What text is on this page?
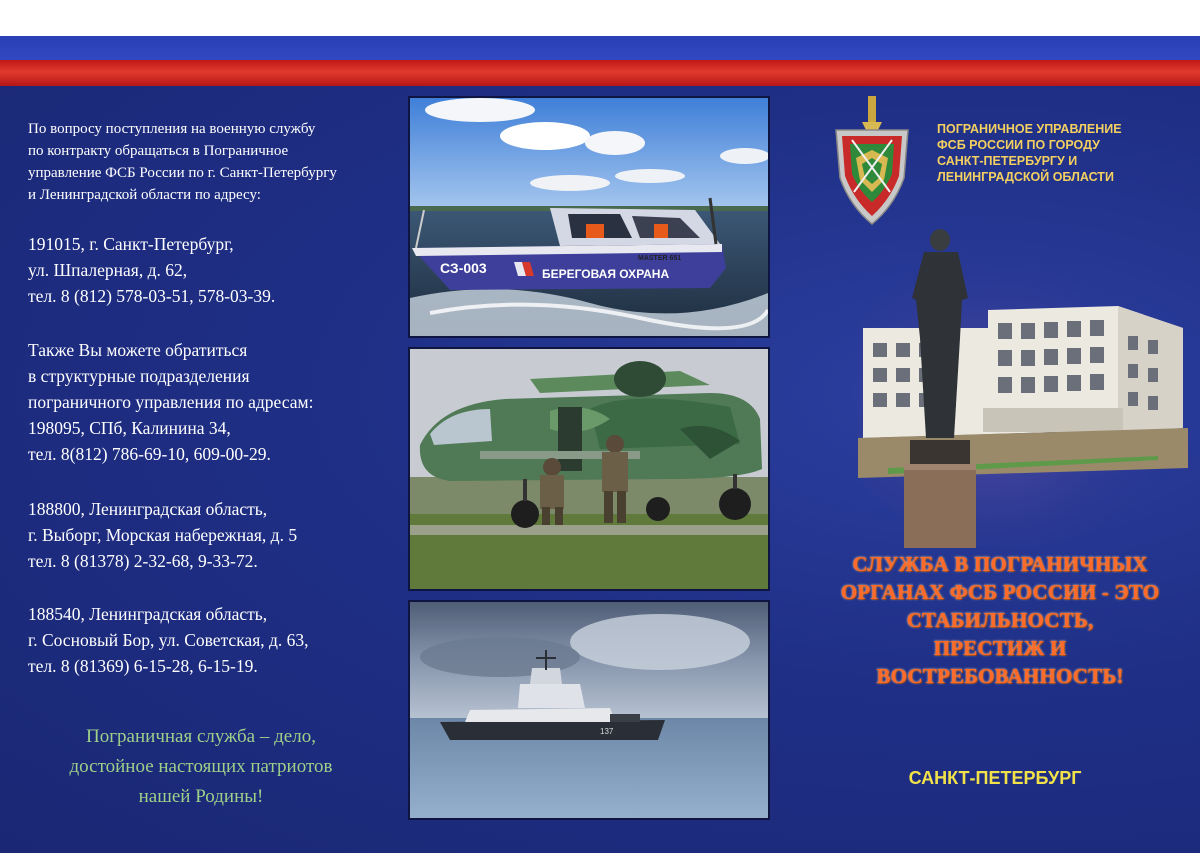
По вопросу поступления на военную службу

по контракту обращаться в Пограничное

управление ФСБ России по г. Санкт-Петербургу

и Ленинградской области по адресу:

191015, г. Санкт-Петербург,
ул. Шпалерная, д. 62,
тел. 8 (812) 578-03-51, 578-03-39.
Также Вы можете обратиться
в структурные подразделения
пограничного управления по адресам:
198095, СПб, Калинина 34,
тел. 8(812) 786-69-10, 609-00-29.
188800, Ленинградская область,
г. Выборг, Морская набережная, д. 5
тел. 8 (81378) 2-32-68, 9-33-72.
188540, Ленинградская область,
г. Сосновый Бор, ул. Советская, д. 63,
тел. 8 (81369) 6-15-28, 6-15-19.
Пограничная служба – дело,
достойное настоящих патриотов
нашей Родины!
СЗ-003	БЕРЕГОВАЯ ОХРАНА
MASTER 651
137
ПОГРАНИЧНОЕ УПРАВЛЕНИЕ
ФСБ РОССИИ ПО ГОРОДУ
САНКТ-ПЕТЕРБУРГУ И
ЛЕНИНГРАДСКОЙ ОБЛАСТИ
СЛУЖБА В ПОГРАНИЧНЫХ
ОРГАНАХ ФСБ РОССИИ - ЭТО
СТАБИЛЬНОСТЬ,
ПРЕСТИЖ И
ВОСТРЕБОВАННОСТЬ!
САНКТ-ПЕТЕРБУРГ
